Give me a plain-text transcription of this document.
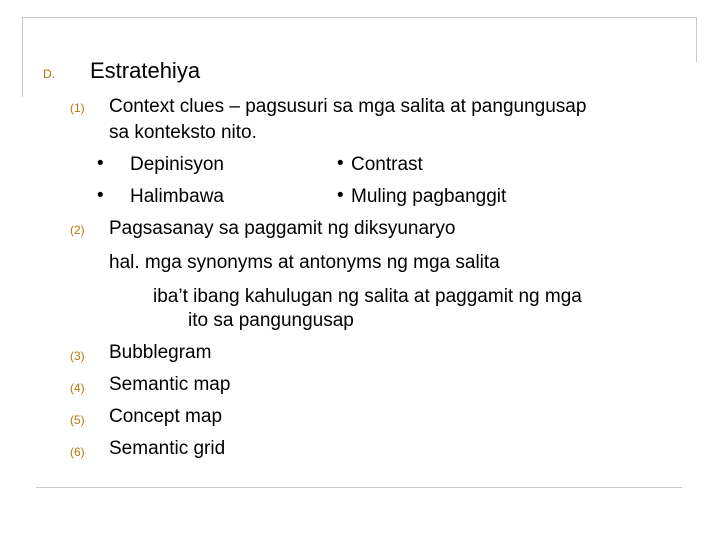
D. Estratehiya
(1) Context clues – pagsusuri sa mga salita at pangungusap
sa konteksto nito.
• Depinisyon	• Contrast
• Halimbawa	• Muling pagbanggit
(2) Pagsasanay sa paggamit ng diksyunaryo
hal. mga synonyms at antonyms ng mga salita
iba’t ibang kahulugan ng salita at paggamit ng mga
ito sa pangungusap
(3) Bubblegram
(4) Semantic map
(5) Concept map
(6) Semantic grid
